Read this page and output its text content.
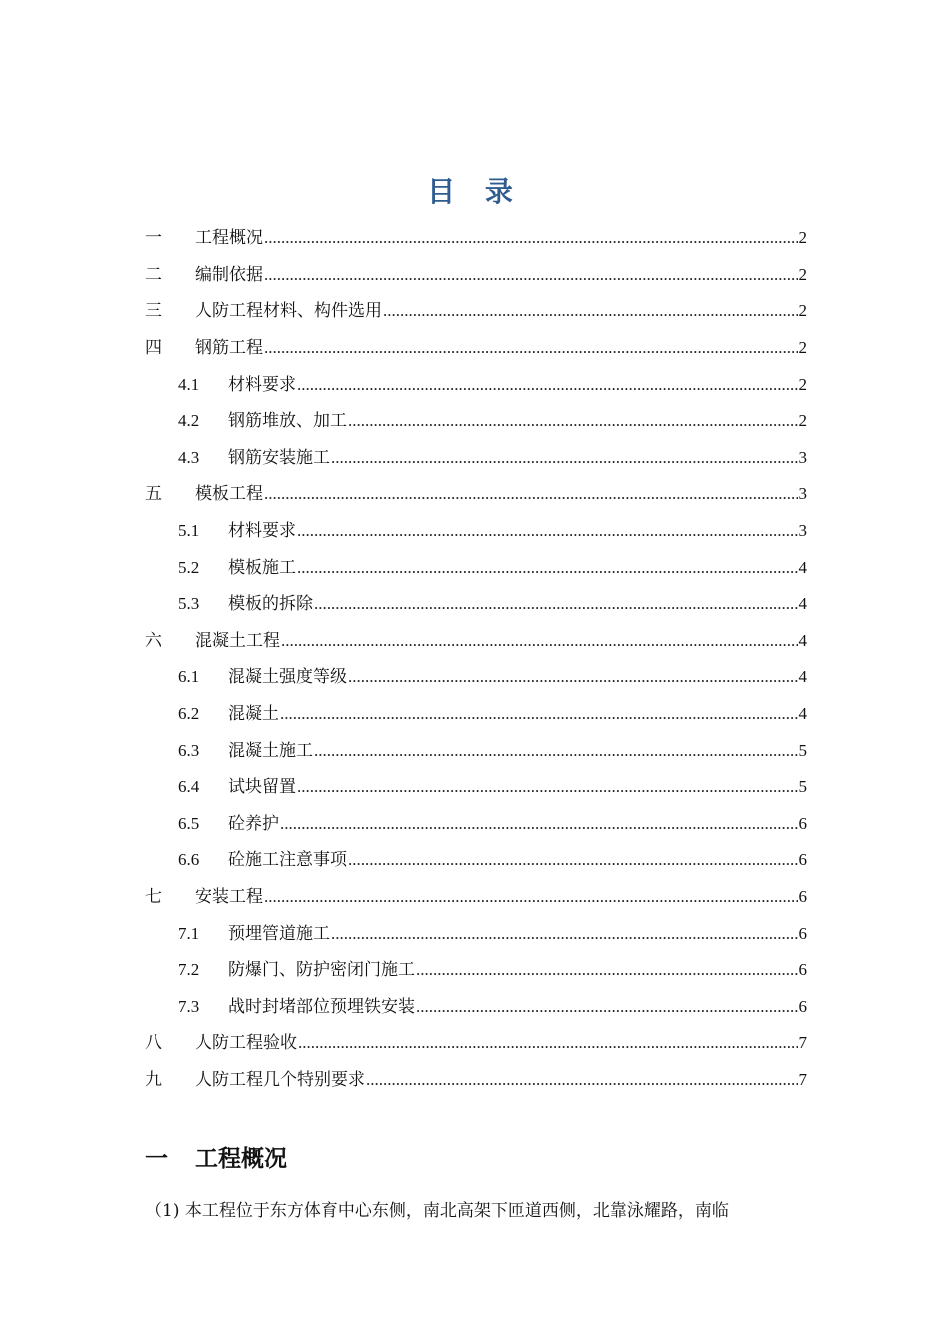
目 录
一	工程概况 .....	2
二	编制依据 .....	2
三	人防工程材料、构件选用 .....	2
四	钢筋工程 .....	2
4.1	材料要求 .....	2
4.2	钢筋堆放、加工 .....	2
4.3	钢筋安装施工 .....	3
五	模板工程 .....	3
5.1	材料要求 .....	3
5.2	模板施工 .....	4
5.3	模板的拆除 .....	4
六	混凝土工程 .....	4
6.1	混凝土强度等级 .....	4
6.2	混凝土 .....	4
6.3	混凝土施工 .....	5
6.4	试块留置 .....	5
6.5	砼养护 .....	6
6.6	砼施工注意事项 .....	6
七	安装工程 .....	6
7.1	预埋管道施工 .....	6
7.2	防爆门、防护密闭门施工 .....	6
7.3	战时封堵部位预埋铁安装 .....	6
八	人防工程验收 .....	7
九	人防工程几个特别要求 .....	7
一 工程概况
（1) 本工程位于东方体育中心东侧，南北高架下匝道西侧，北靠泳耀路，南临
